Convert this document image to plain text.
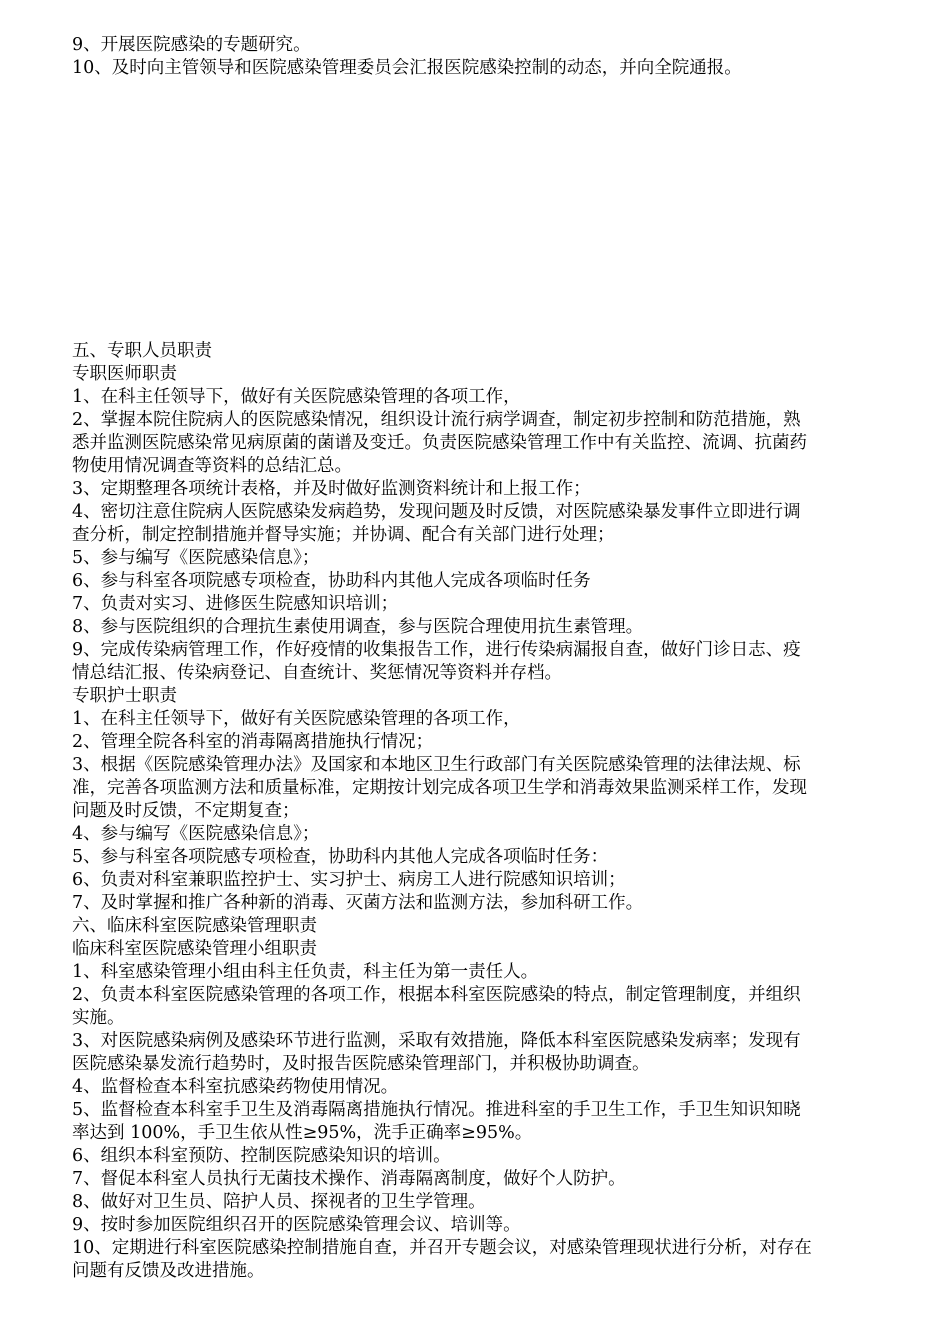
9、开展医院感染的专题研究。
10、及时向主管领导和医院感染管理委员会汇报医院感染控制的动态，并向全院通报。
五、专职人员职责
专职医师职责
1、在科主任领导下，做好有关医院感染管理的各项工作，
2、掌握本院住院病人的医院感染情况，组织设计流行病学调查，制定初步控制和防范措施，熟
悉并监测医院感染常见病原菌的菌谱及变迁。负责医院感染管理工作中有关监控、流调、抗菌药
物使用情况调查等资料的总结汇总。
3、定期整理各项统计表格，并及时做好监测资料统计和上报工作；
4、密切注意住院病人医院感染发病趋势，发现问题及时反馈，对医院感染暴发事件立即进行调
查分析，制定控制措施并督导实施；并协调、配合有关部门进行处理；
5、参与编写《医院感染信息》；
6、参与科室各项院感专项检查，协助科内其他人完成各项临时任务
7、负责对实习、进修医生院感知识培训；
8、参与医院组织的合理抗生素使用调查，参与医院合理使用抗生素管理。
9、完成传染病管理工作，作好疫情的收集报告工作，进行传染病漏报自查，做好门诊日志、疫
情总结汇报、传染病登记、自查统计、奖惩情况等资料并存档。
专职护士职责
1、在科主任领导下，做好有关医院感染管理的各项工作，
2、管理全院各科室的消毒隔离措施执行情况；
3、根据《医院感染管理办法》及国家和本地区卫生行政部门有关医院感染管理的法律法规、标
准，完善各项监测方法和质量标准，定期按计划完成各项卫生学和消毒效果监测采样工作，发现
问题及时反馈，不定期复查；
4、参与编写《医院感染信息》；
5、参与科室各项院感专项检查，协助科内其他人完成各项临时任务：
6、负责对科室兼职监控护士、实习护士、病房工人进行院感知识培训；
7、及时掌握和推广各种新的消毒、灭菌方法和监测方法，参加科研工作。
六、临床科室医院感染管理职责
临床科室医院感染管理小组职责
1、科室感染管理小组由科主任负责，科主任为第一责任人。
2、负责本科室医院感染管理的各项工作，根据本科室医院感染的特点，制定管理制度，并组织
实施。
3、对医院感染病例及感染环节进行监测，采取有效措施，降低本科室医院感染发病率；发现有
医院感染暴发流行趋势时，及时报告医院感染管理部门，并积极协助调查。
4、监督检查本科室抗感染药物使用情况。
5、监督检查本科室手卫生及消毒隔离措施执行情况。推进科室的手卫生工作，手卫生知识知晓
率达到 100%，手卫生依从性≥95%，洗手正确率≥95%。
6、组织本科室预防、控制医院感染知识的培训。
7、督促本科室人员执行无菌技术操作、消毒隔离制度，做好个人防护。
8、做好对卫生员、陪护人员、探视者的卫生学管理。
9、按时参加医院组织召开的医院感染管理会议、培训等。
10、定期进行科室医院感染控制措施自查，并召开专题会议，对感染管理现状进行分析，对存在
问题有反馈及改进措施。
